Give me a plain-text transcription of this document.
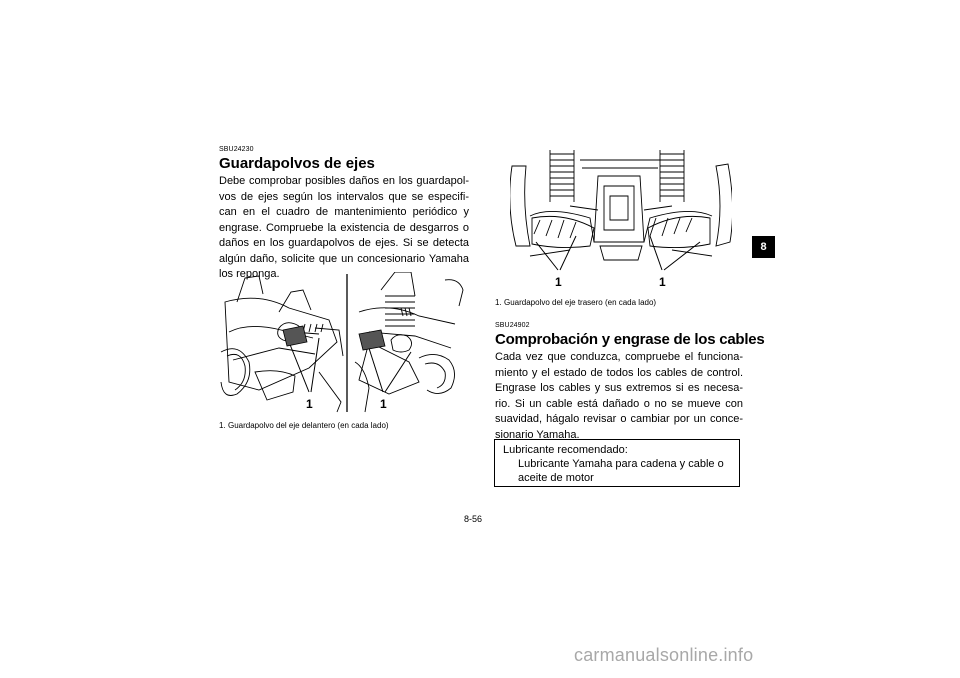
SBU24230
Guardapolvos de ejes

Debe comprobar posibles daños en los guardapol- vos de ejes según los intervalos que se especifi- can en el cuadro de mantenimiento periódico y engrase. Compruebe la existencia de desgarros o daños en los guardapolvos de ejes. Si se detecta algún daño, solicite que un concesionario Yamaha los reponga.

1	1
1. Guardapolvo del eje delantero (en cada lado)
1	1
1. Guardapolvo del eje trasero (en cada lado)
SBU24902
Comprobación y engrase de los cables

Cada vez que conduzca, compruebe el funciona- miento y el estado de todos los cables de control. Engrase los cables y sus extremos si es necesa- rio. Si un cable está dañado o no se mueve con suavidad, hágalo revisar o cambiar por un conce- sionario Yamaha.

Lubricante recomendado:
Lubricante Yamaha para cadena y cable o
aceite de motor
8
8-56
carmanualsonline.info
